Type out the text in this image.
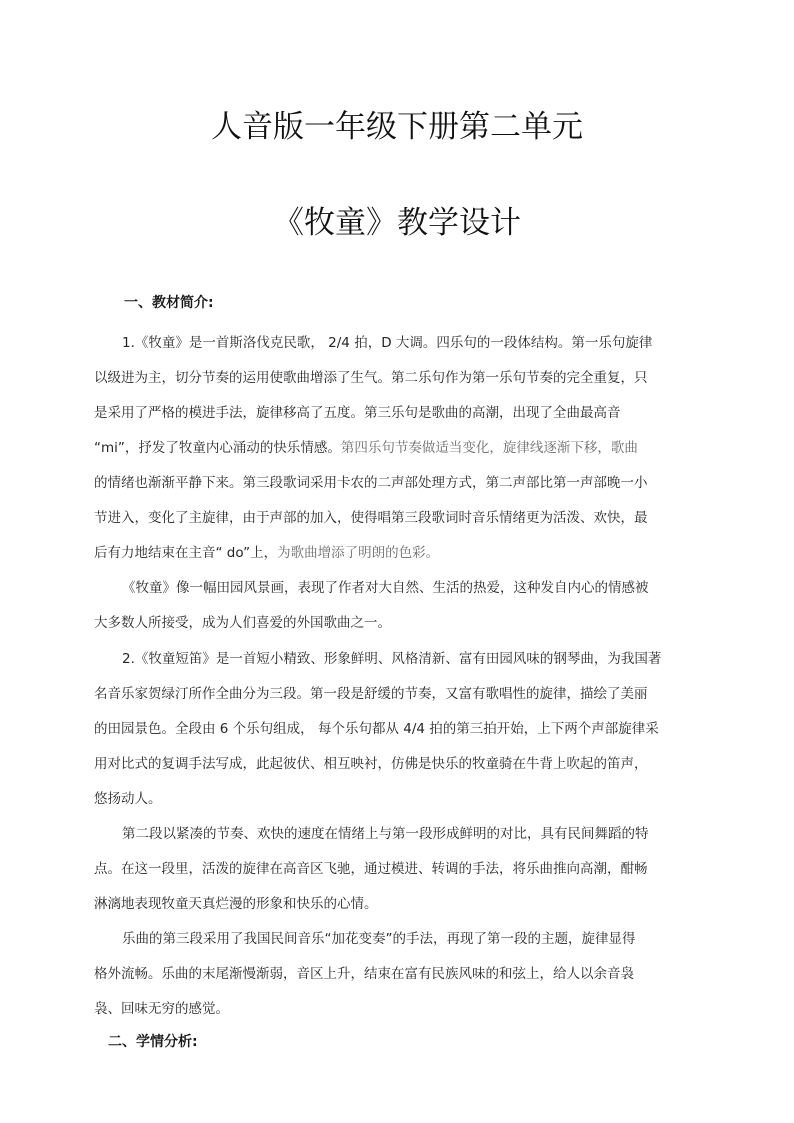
人音版一年级下册第二单元
《牧童》教学设计
一、教材简介:
1.《牧童》是一首斯洛伐克民歌， 2/4 拍，D 大调。四乐句的一段体结构。第一乐句旋律
以级进为主，切分节奏的运用使歌曲增添了生气。第二乐句作为第一乐句节奏的完全重复，只
是采用了严格的模进手法，旋律移高了五度。第三乐句是歌曲的高潮，出现了全曲最高音
“mi”，抒发了牧童内心涌动的快乐情感。第四乐句节奏做适当变化，旋律线逐渐下移，歌曲
的情绪也渐渐平静下来。第三段歌词采用卡农的二声部处理方式，第二声部比第一声部晚一小
节进入，变化了主旋律，由于声部的加入，使得唱第三段歌词时音乐情绪更为活泼、欢快，最
后有力地结束在主音“ do”上，为歌曲增添了明朗的色彩。
《牧童》像一幅田园风景画，表现了作者对大自然、生活的热爱，这种发自内心的情感被
大多数人所接受，成为人们喜爱的外国歌曲之一。
2.《牧童短笛》是一首短小精致、形象鲜明、风格清新、富有田园风味的钢琴曲，为我国著
名音乐家贺绿汀所作全曲分为三段。第一段是舒缓的节奏，又富有歌唱性的旋律，描绘了美丽
的田园景色。全段由 6 个乐句组成， 每个乐句都从 4/4 拍的第三拍开始，上下两个声部旋律采
用对比式的复调手法写成，此起彼伏、相互映衬，仿佛是快乐的牧童骑在牛背上吹起的笛声，
悠扬动人。
第二段以紧凑的节奏、欢快的速度在情绪上与第一段形成鲜明的对比，具有民间舞蹈的特
点。在这一段里，活泼的旋律在高音区飞驰，通过模进、转调的手法，将乐曲推向高潮，酣畅
淋漓地表现牧童天真烂漫的形象和快乐的心情。
乐曲的第三段采用了我国民间音乐“加花变奏”的手法，再现了第一段的主题，旋律显得
格外流畅。乐曲的末尾渐慢渐弱，音区上升，结束在富有民族风味的和弦上，给人以余音袅
袅、回味无穷的感觉。
二、学情分析:
